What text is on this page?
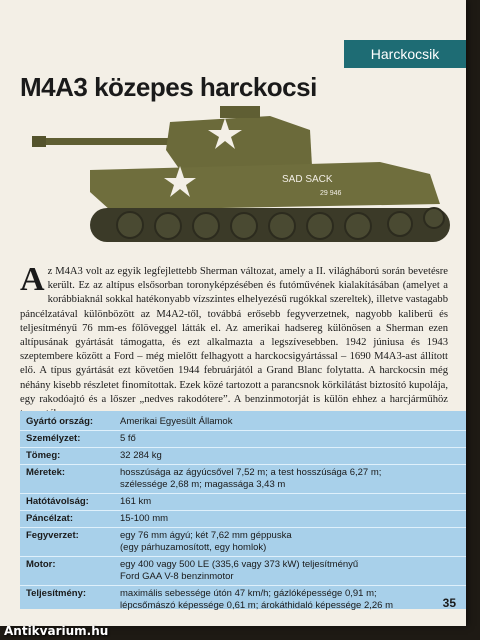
Harckocsik
M4A3 közepes harckocsi
SAD SACK
29 946

Az M4A3 volt az egyik legfejlettebb Sherman változat, amely a II. világháború során bevetésre került. Ez az altípus elsősorban toronyképzésében és futóművének kialakításában (amelyet a korábbiaknál sokkal hatékonyabb vízszintes elhelyezésű rugókkal szereltek), illetve vastagabb páncélzatával különbözött az M4A2-től, továbbá erősebb fegyverzetnek, nagyobb kaliberű és teljesítményű 76 mm-es főlöveggel látták el. Az amerikai hadsereg különösen a Sherman ezen altípusának gyártását támogatta, és ezt alkalmazta a legszívesebben. 1942 júniusa és 1943 szeptembere között a Ford – még mielőtt felhagyott a harckocsigyártással – 1690 M4A3-ast állított elő. A típus gyártását ezt követően 1944 februárjától a Grand Blanc folytatta. A harckocsin még néhány kisebb részletet finomítottak. Ezek közé tartozott a parancsnok körkilátást biztosító kupolája, egy rakodóajtó és a lőszer „nedves rakodótere”. A benzinmotorját is külön ehhez a harcjárműhöz

Gyártó ország:	Amerikai Egyesült Államok

Személyzet:	5 fő

Tömeg:	32 284 kg

Méretek:	hosszúsága az ágyúcsővel 7,52 m; a test hosszúsága 6,27 m;
szélessége 2,68 m; magassága 3,43 m

Hatótávolság:	161 km

Páncélzat:	15-100 mm

Fegyverzet:	egy 76 mm ágyú; két 7,62 mm géppuska
(egy párhuzamosított, egy homlok)

Motor:	egy 400 vagy 500 LE (335,6 vagy 373 kW) teljesítményű
Ford GAA V-8 benzinmotor

Teljesítmény:	maximális sebessége útón 47 km/h; gázlóképessége 0,91 m;
lépcsőmászó képessége 0,61 m; árokáthidaló képessége 2,26 m	35
Antikvarium.hu
